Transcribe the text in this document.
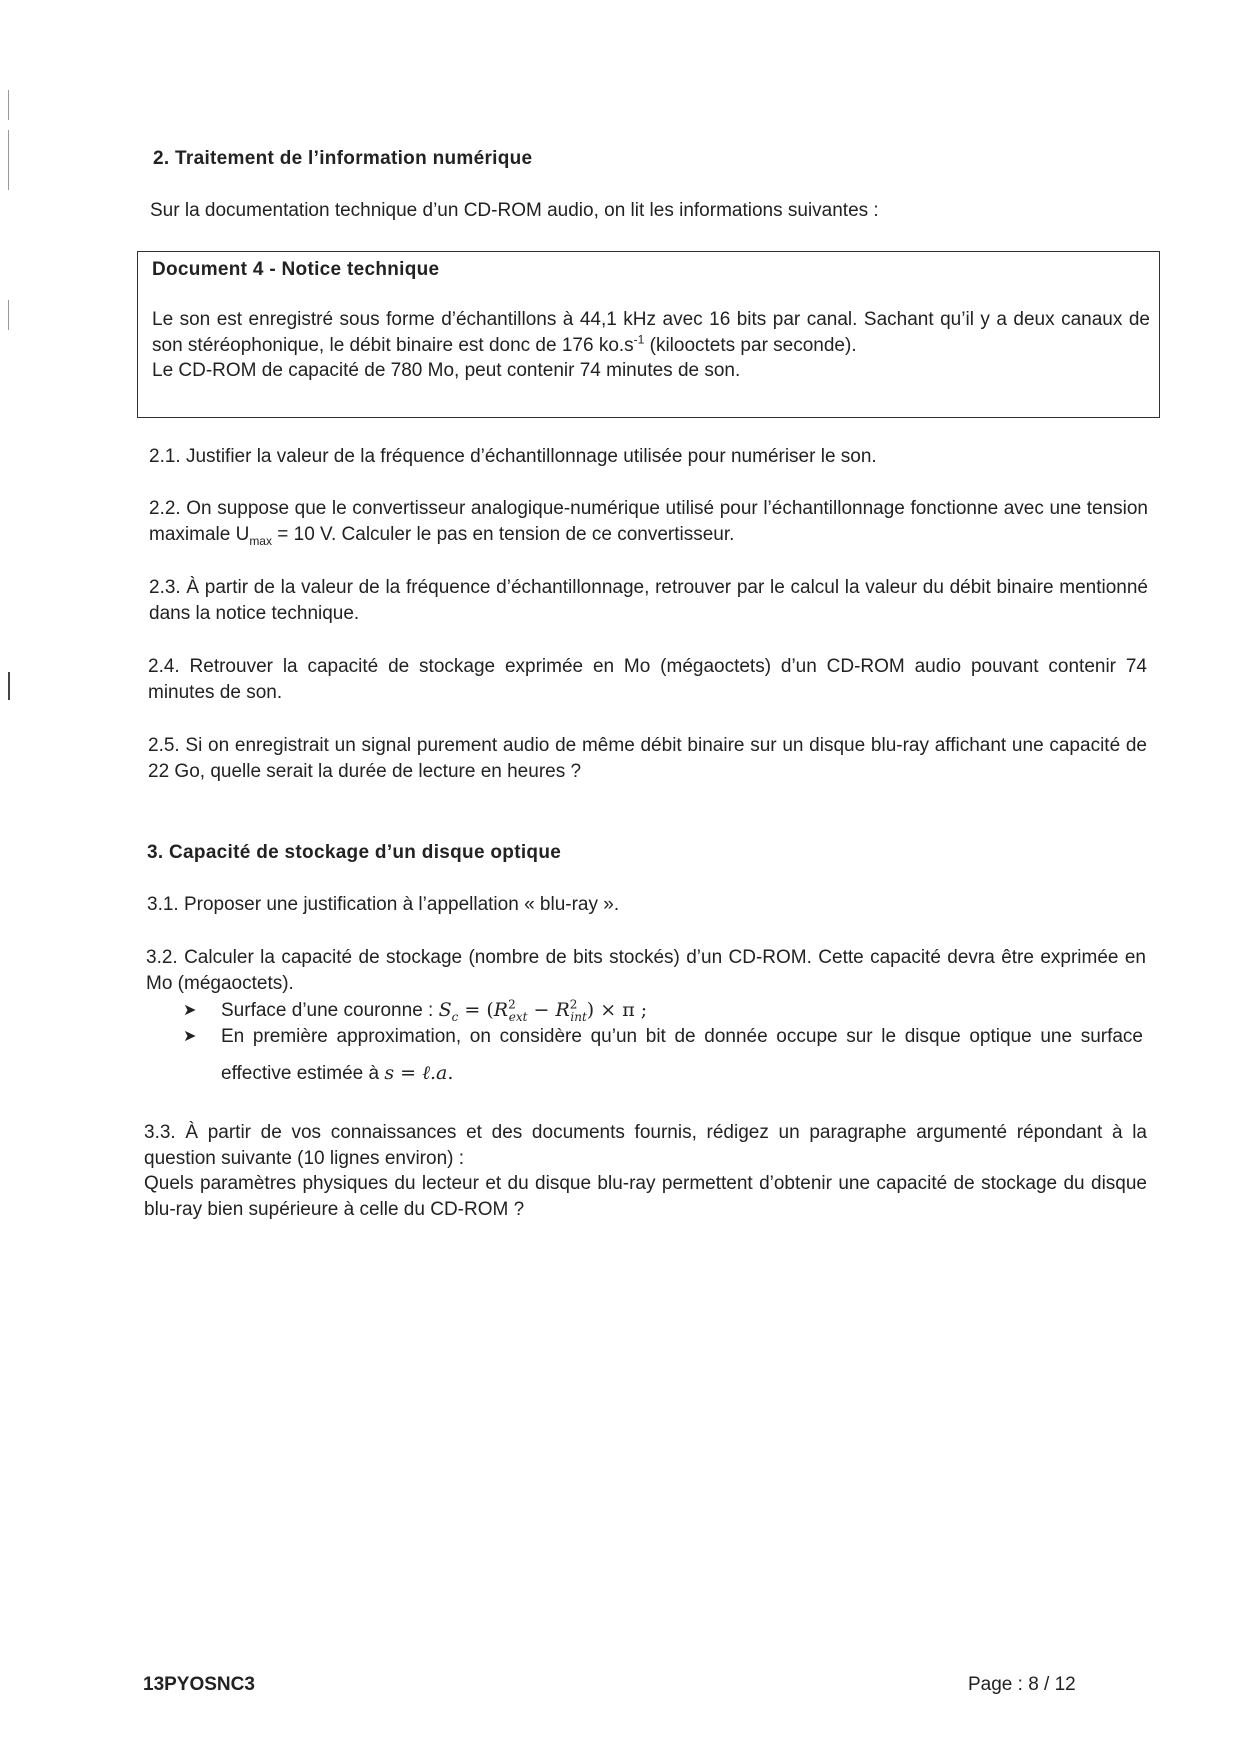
2. Traitement de l’information numérique
Sur la documentation technique d’un CD-ROM audio, on lit les informations suivantes :
Document 4 - Notice technique

Le son est enregistré sous forme d’échantillons à 44,1 kHz avec 16 bits par canal. Sachant qu’il y a deux canaux de son stéréophonique, le débit binaire est donc de 176 $ko.s^{-1}$ (kilooctets par seconde).

Le CD-ROM de capacité de 780 Mo, peut contenir 74 minutes de son.

2.1. Justifier la valeur de la fréquence d’échantillonnage utilisée pour numériser le son.
2.2. On suppose que le convertisseur analogique-numérique utilisé pour l’échantillonnage fonctionne avec une tension maximale $U_{max} = 10$ V. Calculer le pas en tension de ce convertisseur.
2.3. À partir de la valeur de la fréquence d’échantillonnage, retrouver par le calcul la valeur du débit binaire mentionné dans la notice technique.
2.4. Retrouver la capacité de stockage exprimée en Mo (mégaoctets) d’un CD-ROM audio pouvant contenir 74 minutes de son.
2.5. Si on enregistrait un signal purement audio de même débit binaire sur un disque blu-ray affichant une capacité de 22 Go, quelle serait la durée de lecture en heures ?
3. Capacité de stockage d’un disque optique
3.1. Proposer une justification à l’appellation « blu-ray ».
3.2. Calculer la capacité de stockage (nombre de bits stockés) d’un CD-ROM. Cette capacité devra être exprimée en Mo (mégaoctets).
➤	Surface d’une couronne : $S_c = (R^2_{ext} - R^2_{int}) \times \pi$ ;
➤	En première approximation, on considère qu’un bit de donnée occupe sur le disque optique une surface effective estimée à s = ℓ.a.
3.3. À partir de vos connaissances et des documents fournis, rédigez un paragraphe argumenté répondant à la question suivante (10 lignes environ) :
Quels paramètres physiques du lecteur et du disque blu-ray permettent d’obtenir une capacité de stockage du disque blu-ray bien supérieure à celle du CD-ROM ?
13PYOSNC3	Page : 8 / 12
